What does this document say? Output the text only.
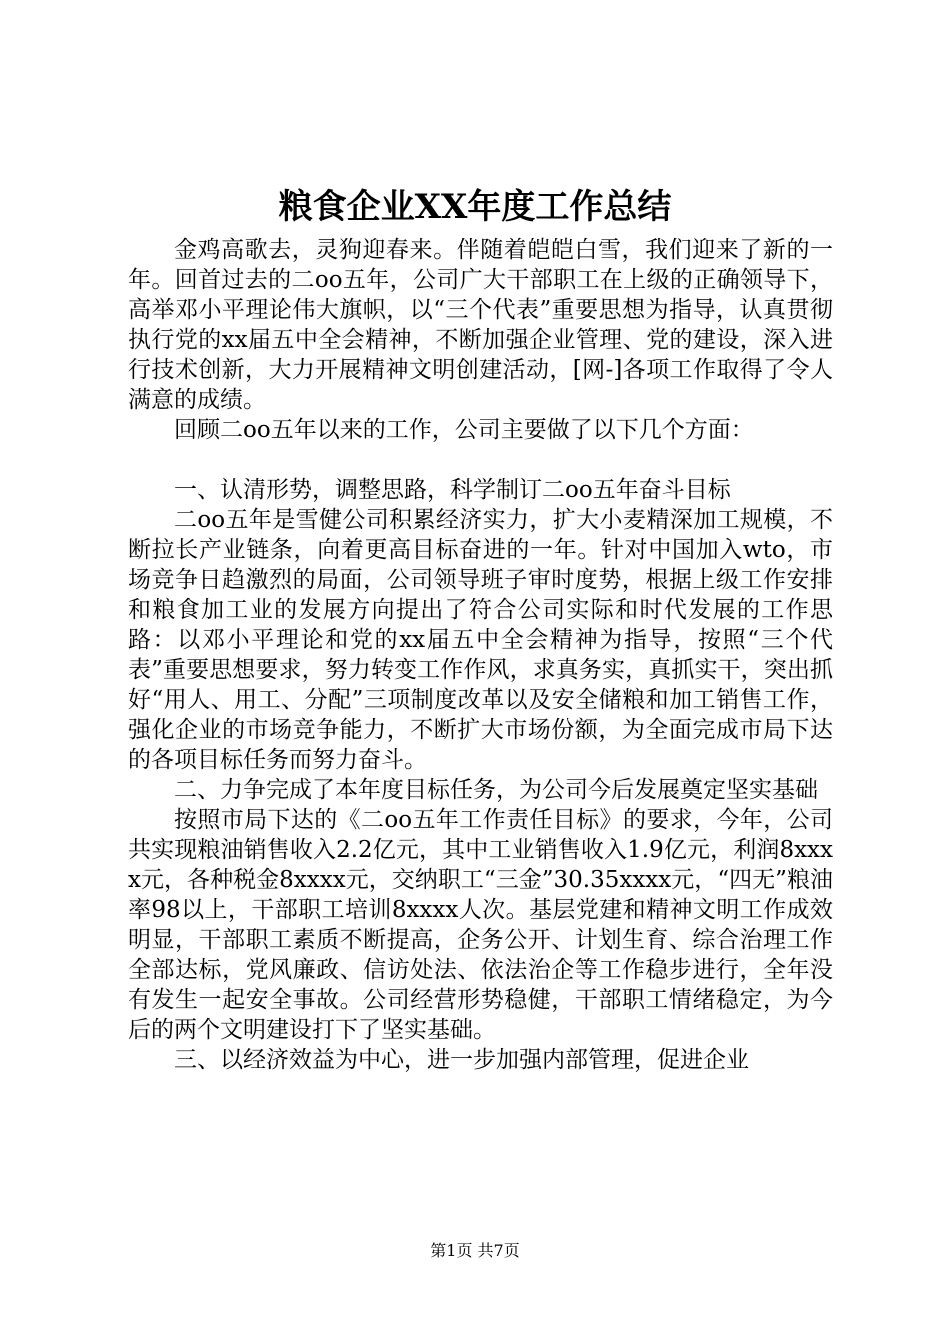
粮食企业XX年度工作总结

金鸡高歌去，灵狗迎春来。伴随着皑皑白雪，我们迎来了新的一年。回首过去的二oo五年，公司广大干部职工在上级的正确领导下，高举邓小平理论伟大旗帜，以“三个代表”重要思想为指导，认真贯彻执行党的xx届五中全会精神，不断加强企业管理、党的建设，深入进行技术创新，大力开展精神文明创建活动，[网-]各项工作取得了令人满意的成绩。

回顾二oo五年以来的工作，公司主要做了以下几个方面：

一、认清形势，调整思路，科学制订二oo五年奋斗目标

二oo五年是雪健公司积累经济实力，扩大小麦精深加工规模，不断拉长产业链条，向着更高目标奋进的一年。针对中国加入wto，市场竞争日趋激烈的局面，公司领导班子审时度势，根据上级工作安排和粮食加工业的发展方向提出了符合公司实际和时代发展的工作思路：以邓小平理论和党的xx届五中全会精神为指导，按照“三个代表”重要思想要求，努力转变工作作风，求真务实，真抓实干，突出抓好“用人、用工、分配”三项制度改革以及安全储粮和加工销售工作，强化企业的市场竞争能力，不断扩大市场份额，为全面完成市局下达的各项目标任务而努力奋斗。

二、力争完成了本年度目标任务，为公司今后发展奠定坚实基础

按照市局下达的《二oo五年工作责任目标》的要求，今年，公司共实现粮油销售收入2.2亿元，其中工业销售收入1.9亿元，利润8xxxx元，各种税金8xxxx元，交纳职工“三金”30.35xxxx元，“四无”粮油率98以上，干部职工培训8xxxx人次。基层党建和精神文明工作成效明显，干部职工素质不断提高，企务公开、计划生育、综合治理工作全部达标，党风廉政、信访处法、依法治企等工作稳步进行，全年没有发生一起安全事故。公司经营形势稳健，干部职工情绪稳定，为今后的两个文明建设打下了坚实基础。

三、以经济效益为中心，进一步加强内部管理，促进企业

第1页 共7页
